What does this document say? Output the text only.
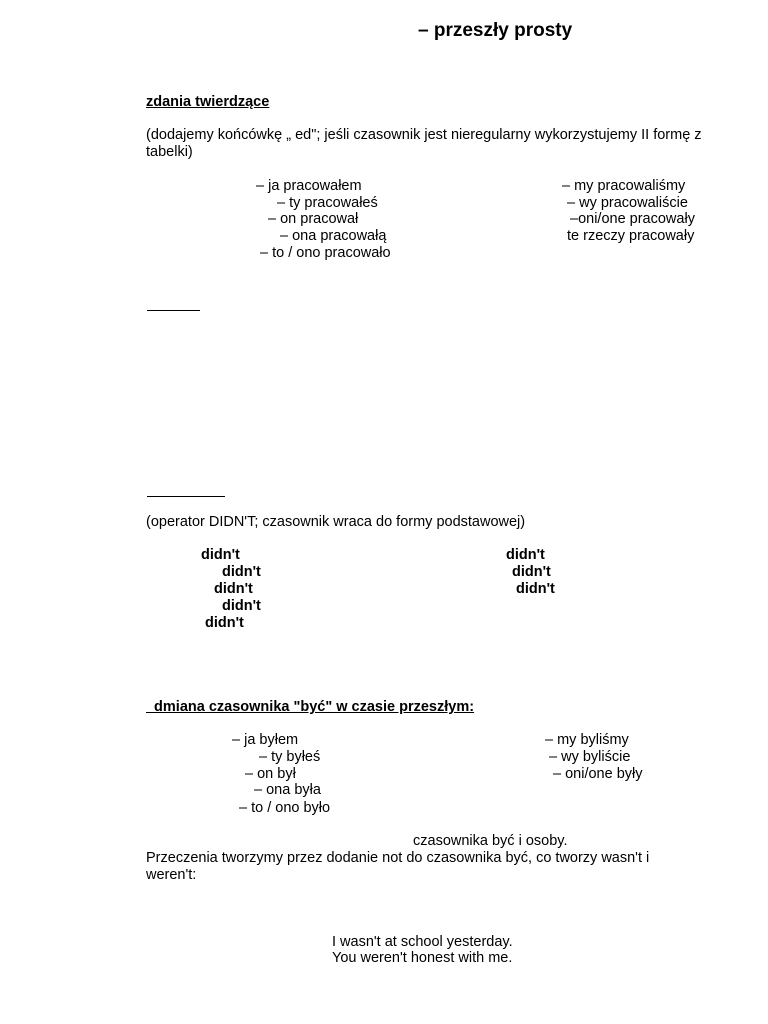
– przeszły prosty
zdania twierdzące
(dodajemy końcówkę „ ed"; jeśli czasownik jest nieregularny wykorzystujemy II formę z tabelki)
– ja pracowałem
– ty pracowałeś
– on pracował
– ona pracowałą
– to / ono pracowało
– my pracowaliśmy
– wy pracowaliście
–oni/one pracowały
te rzeczy pracowały
(operator DIDN'T; czasownik wraca do formy podstawowej)
didn't
didn't
didn't
didn't
didn't
didn't
didn't
didn't
dmiana czasownika "być" w czasie przeszłym:
– ja byłem
– ty byłeś
– on był
– ona była
– to / ono było
– my byliśmy
– wy byliście
– oni/one były
czasownika być i osoby.
Przeczenia tworzymy przez dodanie not do czasownika być, co tworzy wasn't i weren't:
I wasn't at school yesterday.
You weren't honest with me.
